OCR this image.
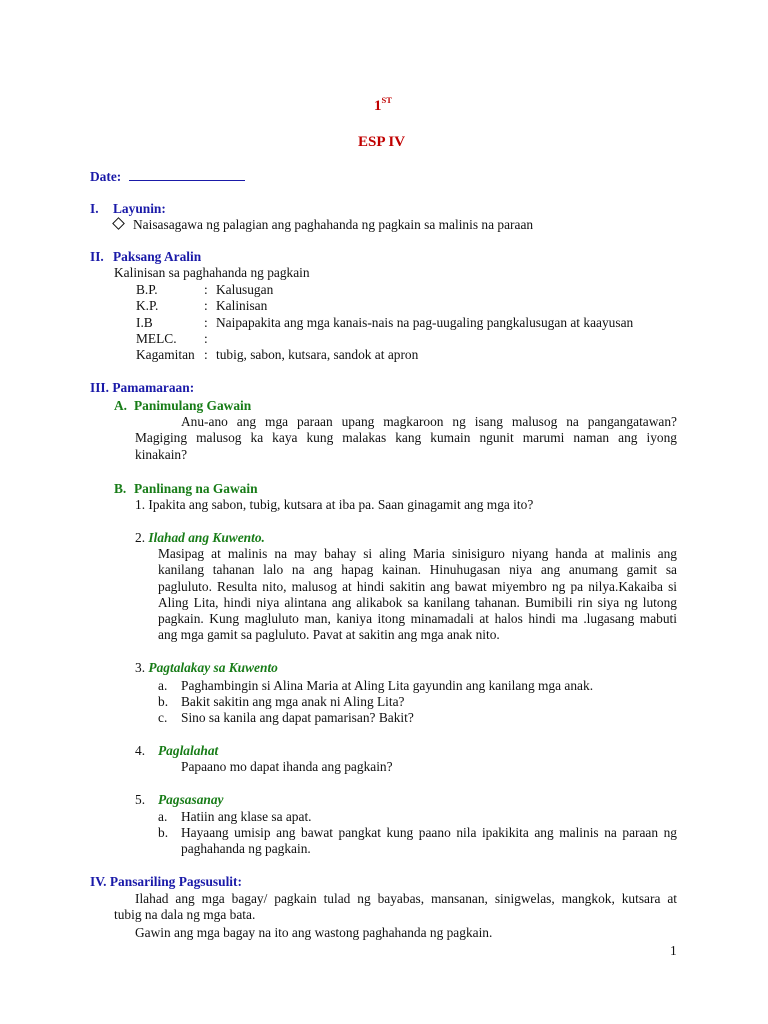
1ST
ESP IV
Date:
I. Layunin:
Naisasagawa ng palagian ang paghahanda ng pagkain sa malinis na paraan
II. Paksang Aralin
Kalinisan sa paghahanda ng pagkain
B.P.	: Kalusugan
K.P.	: Kalinisan
I.B	: Naipapakita ang mga kanais-nais na pag-uugaling pangkalusugan at kaayusan
MELC. :
Kagamitan : tubig, sabon, kutsara, sandok at apron
III. Pamamaraan:
A. Panimulang Gawain
Anu-ano ang mga paraan upang magkaroon ng isang malusog na pangangatawan?
Magiging malusog ka kaya kung malakas kang kumain ngunit marumi naman ang iyong
kinakain?
B. Panlinang na Gawain
1. Ipakita ang sabon, tubig, kutsara at iba pa. Saan ginagamit ang mga ito?
2. Ilahad ang Kuwento.
Masipag at malinis na may bahay si aling Maria sinisiguro niyang handa at malinis ang
kanilang tahanan lalo na ang hapag kainan. Hinuhugasan niya ang anumang gamit sa
pagluluto. Resulta nito, malusog at hindi sakitin ang bawat miyembro ng pa nilya.Kakaiba si
Aling Lita, hindi niya alintana ang alikabok sa kanilang tahanan. Bumibili rin siya ng lutong
pagkain. Kung magluluto man, kaniya itong minamadali at halos hindi ma .lugasang mabuti
ang mga gamit sa pagluluto. Pavat at sakitin ang mga anak nito.
3. Pagtalakay sa Kuwento
a. Paghambingin si Alina Maria at Aling Lita gayundin ang kanilang mga anak.
b. Bakit sakitin ang mga anak ni Aling Lita?
c. Sino sa kanila ang dapat pamarisan? Bakit?
4. Paglalahat
Papaano mo dapat ihanda ang pagkain?
5. Pagsasanay
a. Hatiin ang klase sa apat.
b. Hayaang umisip ang bawat pangkat kung paano nila ipakikita ang malinis na paraan ng
paghahanda ng pagkain.
IV. Pansariling Pagsusulit:
Ilahad ang mga bagay/ pagkain tulad ng bayabas, mansanan, sinigwelas, mangkok, kutsara at
tubig na dala ng mga bata.
Gawin ang mga bagay na ito ang wastong paghahanda ng pagkain.
1
